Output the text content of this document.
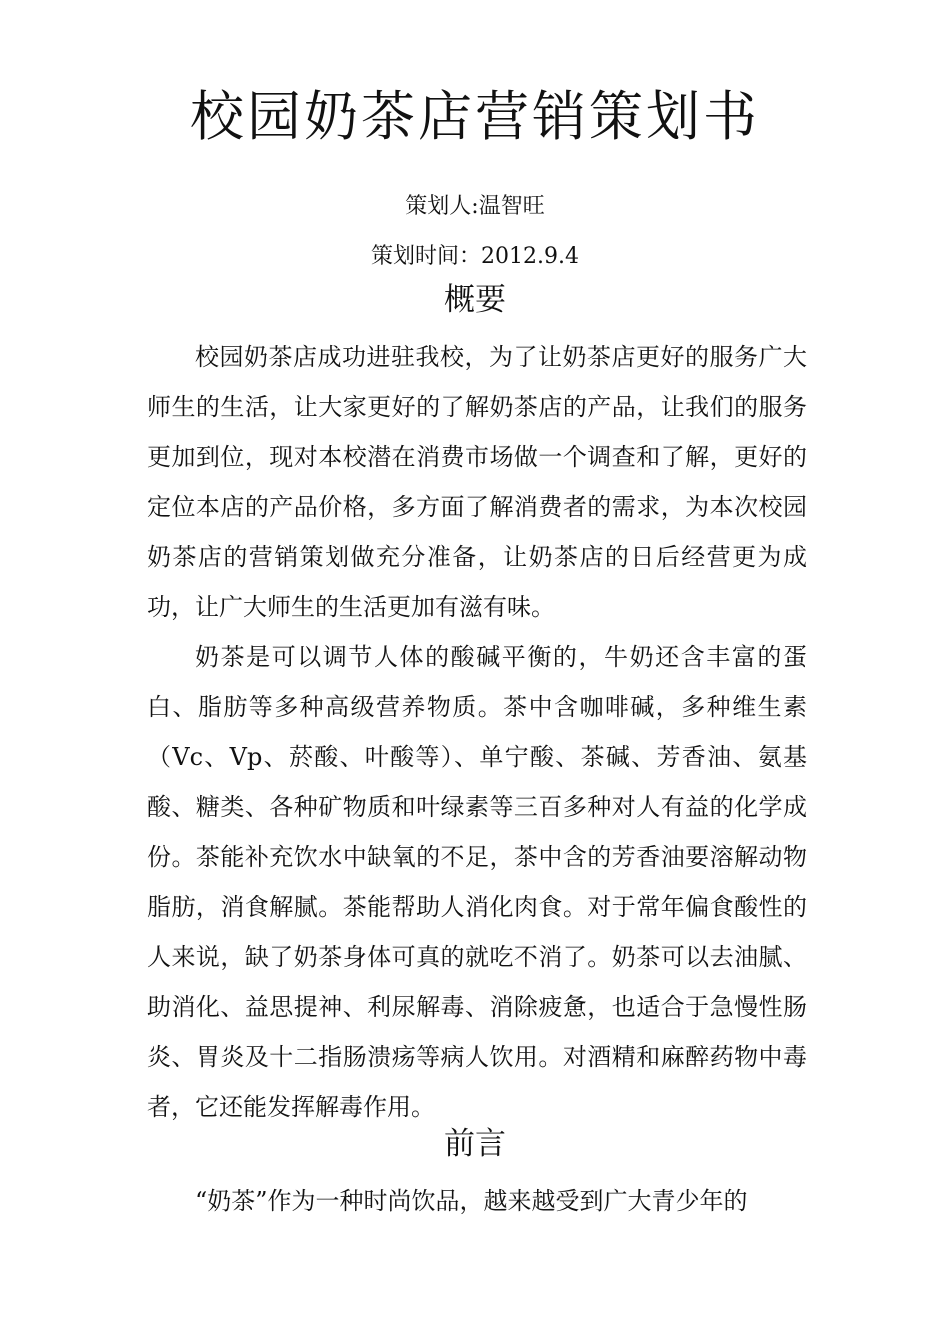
校园奶茶店营销策划书

策划人:温智旺

策划时间：2012.9.4

概要

校园奶茶店成功进驻我校，为了让奶茶店更好的服务广大师生的生活，让大家更好的了解奶茶店的产品，让我们的服务更加到位，现对本校潜在消费市场做一个调查和了解，更好的定位本店的产品价格，多方面了解消费者的需求，为本次校园奶茶店的营销策划做充分准备，让奶茶店的日后经营更为成功，让广大师生的生活更加有滋有味。

奶茶是可以调节人体的酸碱平衡的，牛奶还含丰富的蛋白、脂肪等多种高级营养物质。茶中含咖啡碱，多种维生素（Vc、Vp、菸酸、叶酸等）、单宁酸、茶碱、芳香油、氨基酸、糖类、各种矿物质和叶绿素等三百多种对人有益的化学成份。茶能补充饮水中缺氧的不足，茶中含的芳香油要溶解动物脂肪，消食解腻。茶能帮助人消化肉食。对于常年偏食酸性的人来说，缺了奶茶身体可真的就吃不消了。奶茶可以去油腻、助消化、益思提神、利尿解毒、消除疲惫，也适合于急慢性肠炎、胃炎及十二指肠溃疡等病人饮用。对酒精和麻醉药物中毒者，它还能发挥解毒作用。

前言

“奶茶”作为一种时尚饮品，越来越受到广大青少年的
